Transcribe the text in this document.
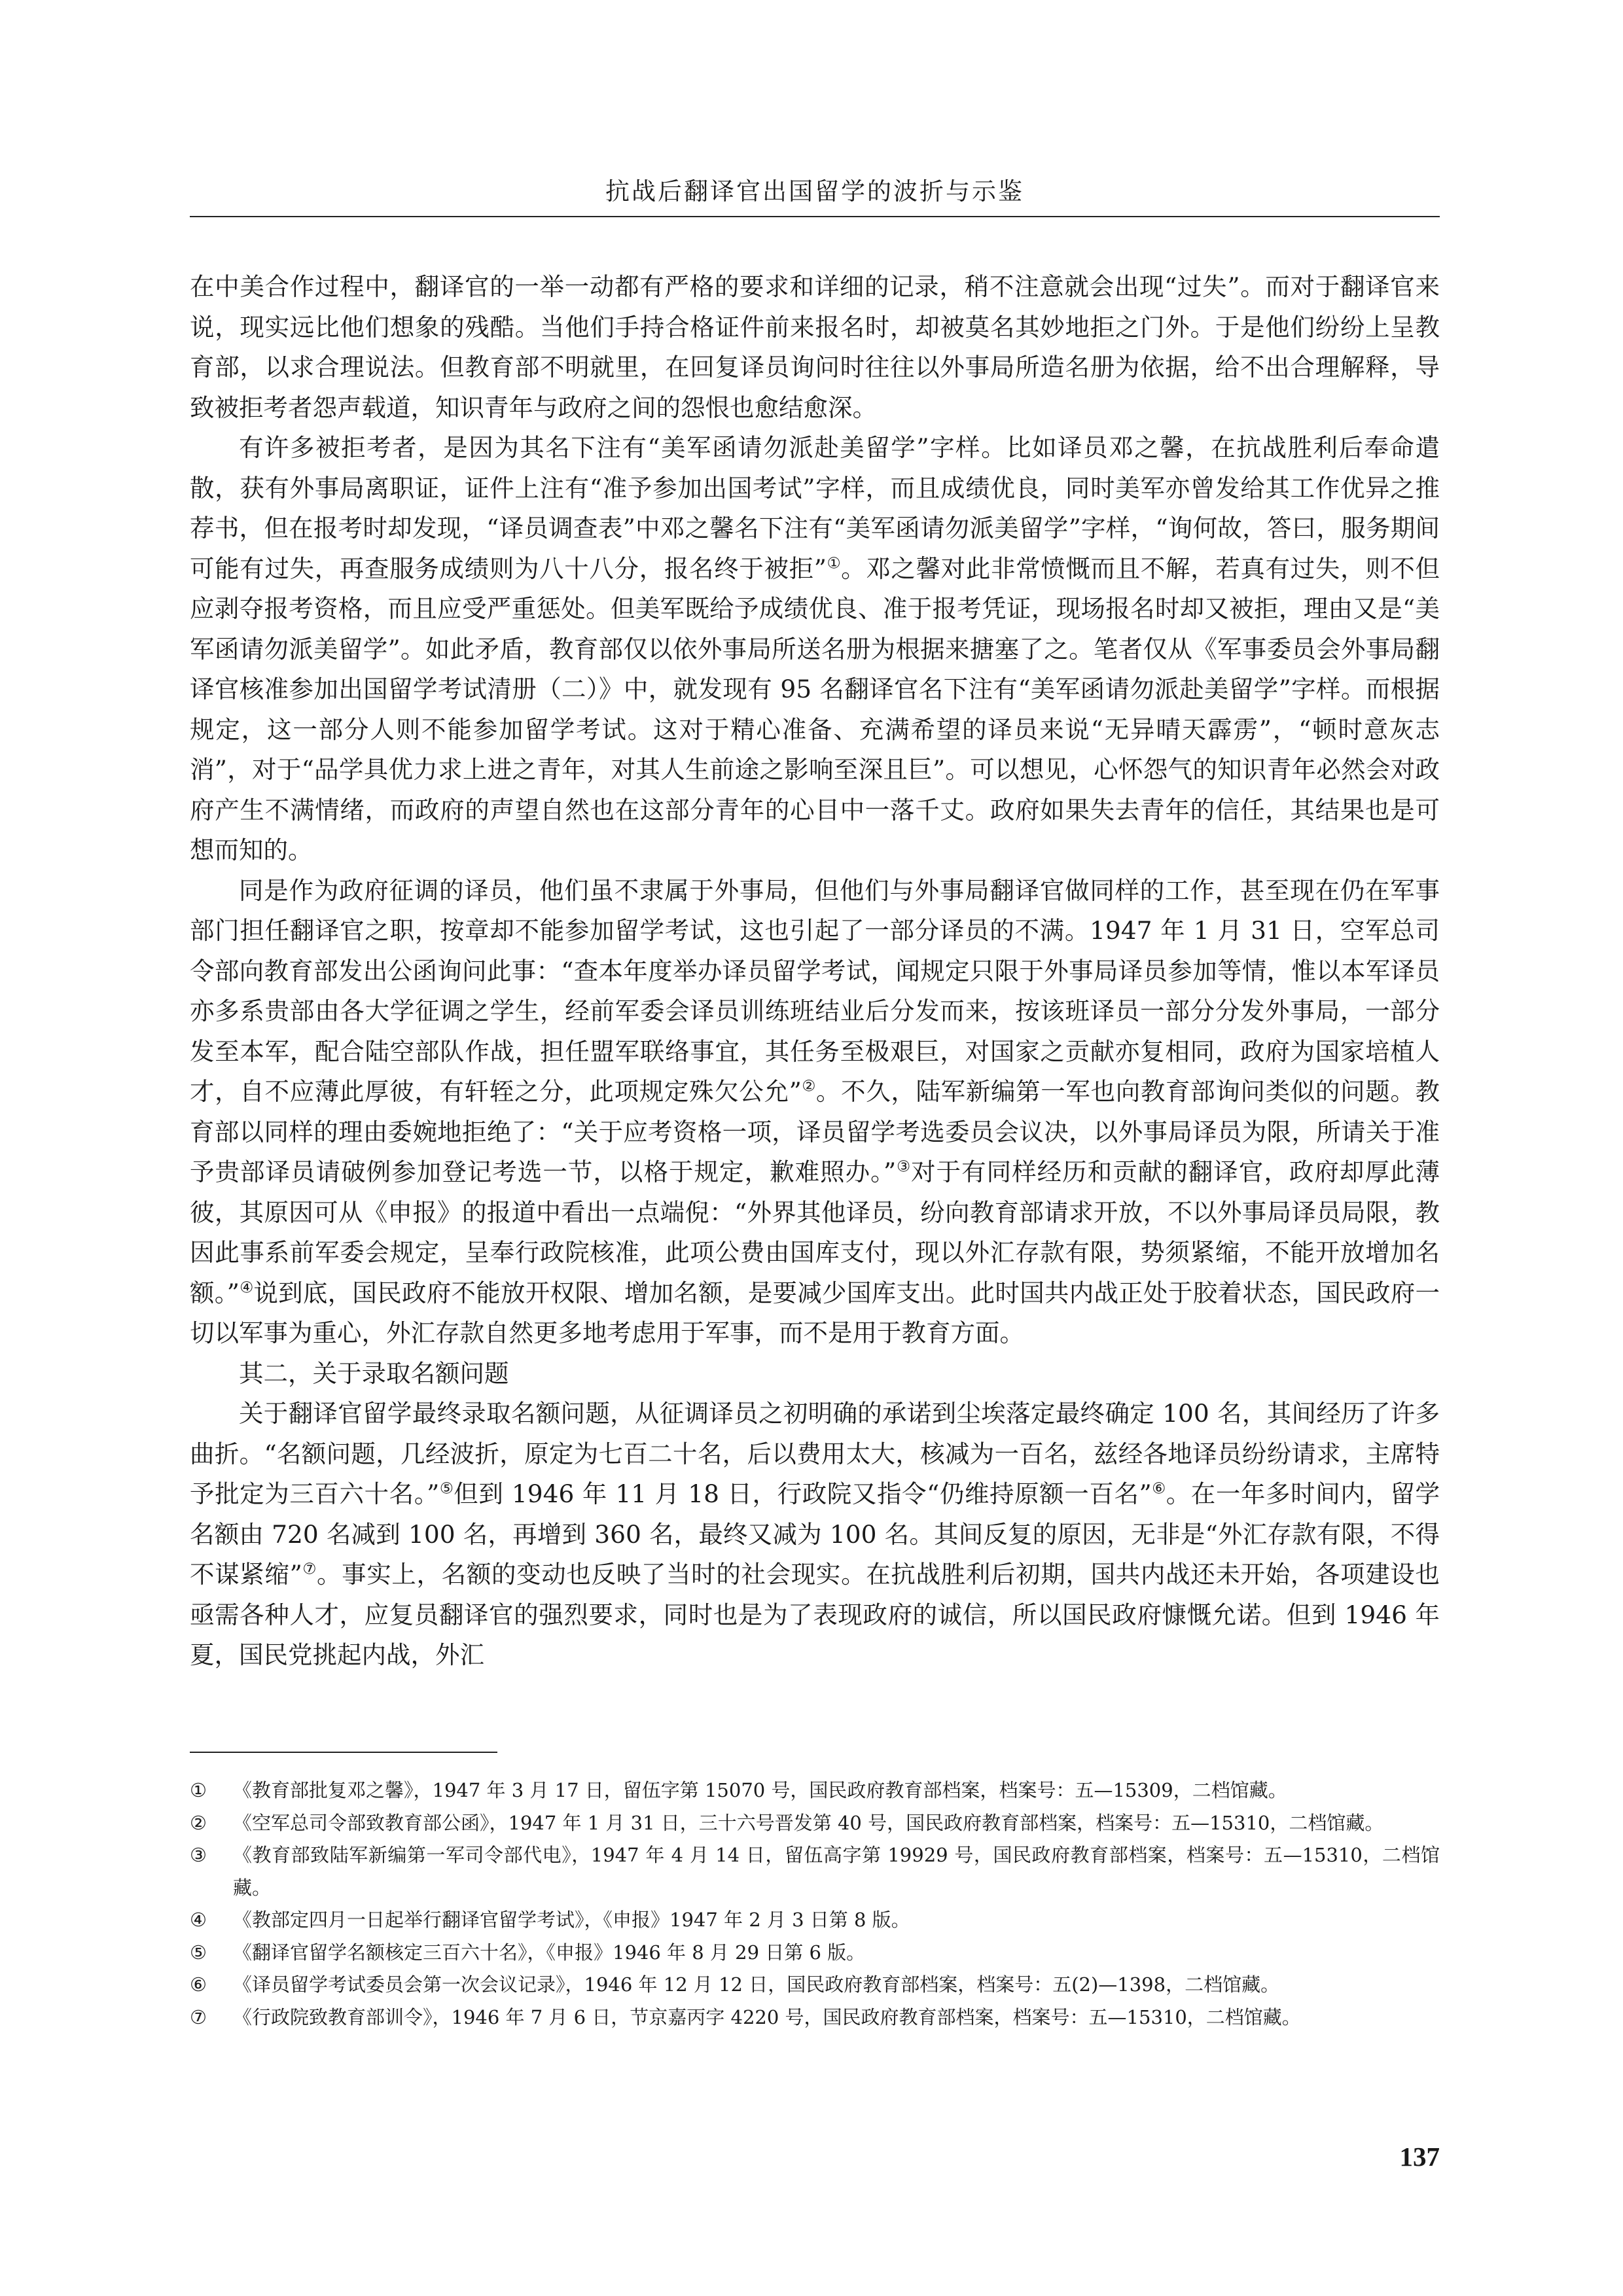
抗战后翻译官出国留学的波折与示鉴

在中美合作过程中，翻译官的一举一动都有严格的要求和详细的记录，稍不注意就会出现“过失”。而对于翻译官来说，现实远比他们想象的残酷。当他们手持合格证件前来报名时，却被莫名其妙地拒之门外。于是他们纷纷上呈教育部，以求合理说法。但教育部不明就里，在回复译员询问时往往以外事局所造名册为依据，给不出合理解释，导致被拒考者怨声载道，知识青年与政府之间的怨恨也愈结愈深。

有许多被拒考者，是因为其名下注有“美军函请勿派赴美留学”字样。比如译员邓之馨，在抗战胜利后奉命遣散，获有外事局离职证，证件上注有“准予参加出国考试”字样，而且成绩优良，同时美军亦曾发给其工作优异之推荐书，但在报考时却发现，“译员调查表”中邓之馨名下注有“美军函请勿派美留学”字样，“询何故，答曰，服务期间可能有过失，再查服务成绩则为八十八分，报名终于被拒”①。邓之馨对此非常愤慨而且不解，若真有过失，则不但应剥夺报考资格，而且应受严重惩处。但美军既给予成绩优良、准于报考凭证，现场报名时却又被拒，理由又是“美军函请勿派美留学”。如此矛盾，教育部仅以依外事局所送名册为根据来搪塞了之。笔者仅从《军事委员会外事局翻译官核准参加出国留学考试清册（二）》中，就发现有 95 名翻译官名下注有“美军函请勿派赴美留学”字样。而根据规定，这一部分人则不能参加留学考试。这对于精心准备、充满希望的译员来说“无异晴天霹雳”，“顿时意灰志消”，对于“品学具优力求上进之青年，对其人生前途之影响至深且巨”。可以想见，心怀怨气的知识青年必然会对政府产生不满情绪，而政府的声望自然也在这部分青年的心目中一落千丈。政府如果失去青年的信任，其结果也是可想而知的。

同是作为政府征调的译员，他们虽不隶属于外事局，但他们与外事局翻译官做同样的工作，甚至现在仍在军事部门担任翻译官之职，按章却不能参加留学考试，这也引起了一部分译员的不满。1947 年 1 月 31 日，空军总司令部向教育部发出公函询问此事：“查本年度举办译员留学考试，闻规定只限于外事局译员参加等情，惟以本军译员亦多系贵部由各大学征调之学生，经前军委会译员训练班结业后分发而来，按该班译员一部分分发外事局，一部分发至本军，配合陆空部队作战，担任盟军联络事宜，其任务至极艰巨，对国家之贡献亦复相同，政府为国家培植人才，自不应薄此厚彼，有轩轾之分，此项规定殊欠公允”②。不久，陆军新编第一军也向教育部询问类似的问题。教育部以同样的理由委婉地拒绝了：“关于应考资格一项，译员留学考选委员会议决，以外事局译员为限，所请关于准予贵部译员请破例参加登记考选一节，以格于规定，歉难照办。”③对于有同样经历和贡献的翻译官，政府却厚此薄彼，其原因可从《申报》的报道中看出一点端倪：“外界其他译员，纷向教育部请求开放，不以外事局译员局限，教因此事系前军委会规定，呈奉行政院核准，此项公费由国库支付，现以外汇存款有限，势须紧缩，不能开放增加名额。”④说到底，国民政府不能放开权限、增加名额，是要减少国库支出。此时国共内战正处于胶着状态，国民政府一切以军事为重心，外汇存款自然更多地考虑用于军事，而不是用于教育方面。

其二，关于录取名额问题

关于翻译官留学最终录取名额问题，从征调译员之初明确的承诺到尘埃落定最终确定 100 名，其间经历了许多曲折。“名额问题，几经波折，原定为七百二十名，后以费用太大，核减为一百名，兹经各地译员纷纷请求，主席特予批定为三百六十名。”⑤但到 1946 年 11 月 18 日，行政院又指令“仍维持原额一百名”⑥。在一年多时间内，留学名额由 720 名减到 100 名，再增到 360 名，最终又减为 100 名。其间反复的原因，无非是“外汇存款有限，不得不谋紧缩”⑦。事实上，名额的变动也反映了当时的社会现实。在抗战胜利后初期，国共内战还未开始，各项建设也亟需各种人才，应复员翻译官的强烈要求，同时也是为了表现政府的诚信，所以国民政府慷慨允诺。但到 1946 年夏，国民党挑起内战，外汇

①	《教育部批复邓之馨》，1947 年 3 月 17 日，留伍字第 15070 号，国民政府教育部档案，档案号：五—15309，二档馆藏。
②	《空军总司令部致教育部公函》，1947 年 1 月 31 日，三十六号晋发第 40 号，国民政府教育部档案，档案号：五—15310，二档馆藏。
③	《教育部致陆军新编第一军司令部代电》，1947 年 4 月 14 日，留伍高字第 19929 号，国民政府教育部档案，档案号：五—15310，二档馆藏。
④	《教部定四月一日起举行翻译官留学考试》，《申报》1947 年 2 月 3 日第 8 版。
⑤	《翻译官留学名额核定三百六十名》，《申报》1946 年 8 月 29 日第 6 版。
⑥	《译员留学考试委员会第一次会议记录》，1946 年 12 月 12 日，国民政府教育部档案，档案号：五(2)—1398，二档馆藏。
⑦	《行政院致教育部训令》，1946 年 7 月 6 日，节京嘉丙字 4220 号，国民政府教育部档案，档案号：五—15310，二档馆藏。
137
